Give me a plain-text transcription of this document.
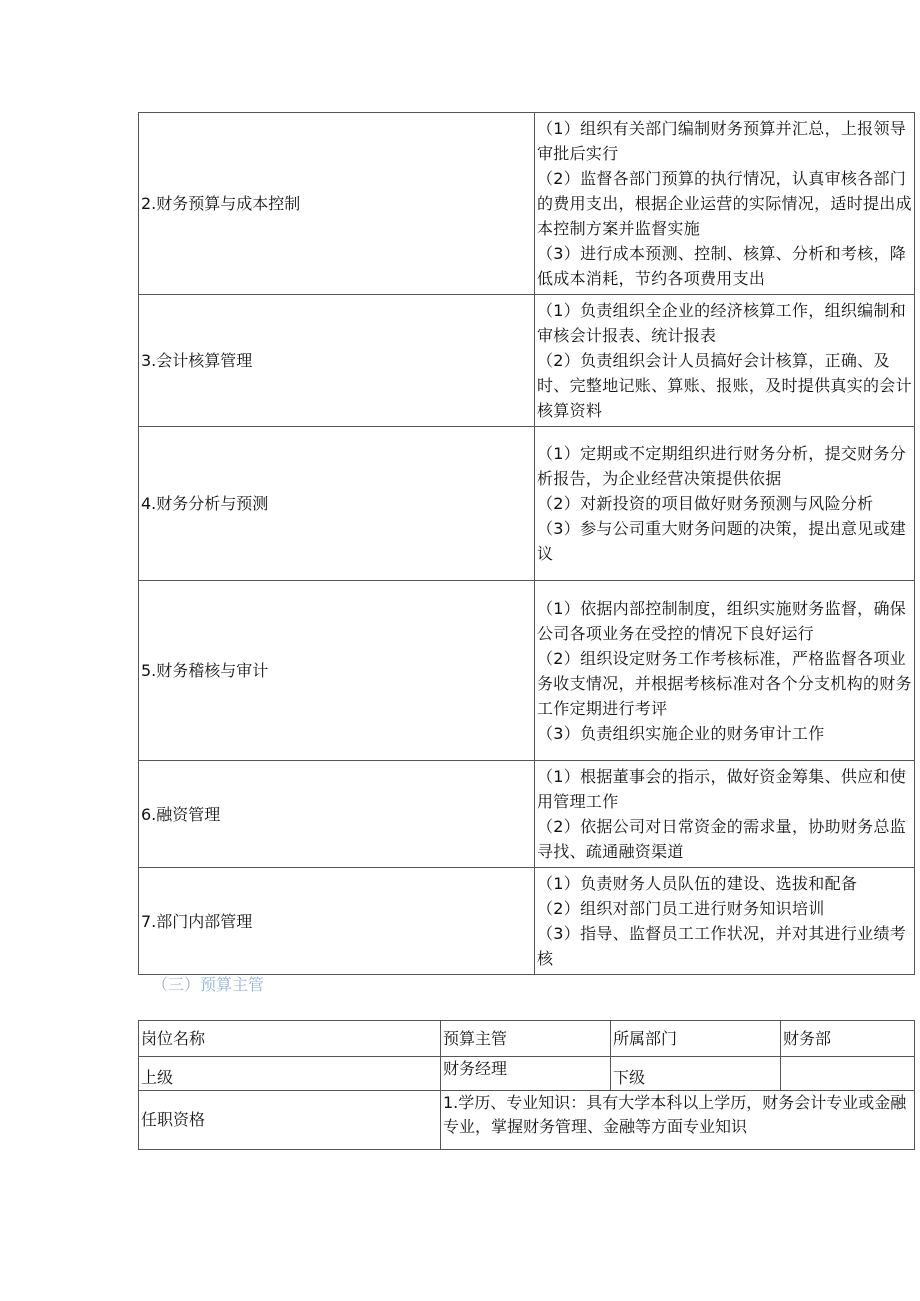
2.财务预算与成本控制	（1）组织有关部门编制财务预算并汇总，上报领导审批后实行
（2）监督各部门预算的执行情况，认真审核各部门的费用支出，根据企业运营的实际情况，适时提出成本控制方案并监督实施
（3）进行成本预测、控制、核算、分析和考核，降低成本消耗，节约各项费用支出

3.会计核算管理	（1）负责组织全企业的经济核算工作，组织编制和审核会计报表、统计报表
（2）负责组织会计人员搞好会计核算，正确、及时、完整地记账、算账、报账，及时提供真实的会计核算资料

4.财务分析与预测	（1）定期或不定期组织进行财务分析，提交财务分析报告，为企业经营决策提供依据
（2）对新投资的项目做好财务预测与风险分析
（3）参与公司重大财务问题的决策，提出意见或建议

5.财务稽核与审计	（1）依据内部控制制度，组织实施财务监督，确保公司各项业务在受控的情况下良好运行
（2）组织设定财务工作考核标准，严格监督各项业务收支情况，并根据考核标准对各个分支机构的财务工作定期进行考评
（3）负责组织实施企业的财务审计工作

6.融资管理	（1）根据董事会的指示，做好资金筹集、供应和使用管理工作
（2）依据公司对日常资金的需求量，协助财务总监寻找、疏通融资渠道

7.部门内部管理	（1）负责财务人员队伍的建设、选拔和配备
（2）组织对部门员工进行财务知识培训
（3）指导、监督员工工作状况，并对其进行业绩考核
（三）预算主管
岗位名称	预算主管	所属部门	财务部
上级	财务经理	下级	
任职资格	1.学历、专业知识：具有大学本科以上学历，财务会计专业或金融专业，掌握财务管理、金融等方面专业知识		
